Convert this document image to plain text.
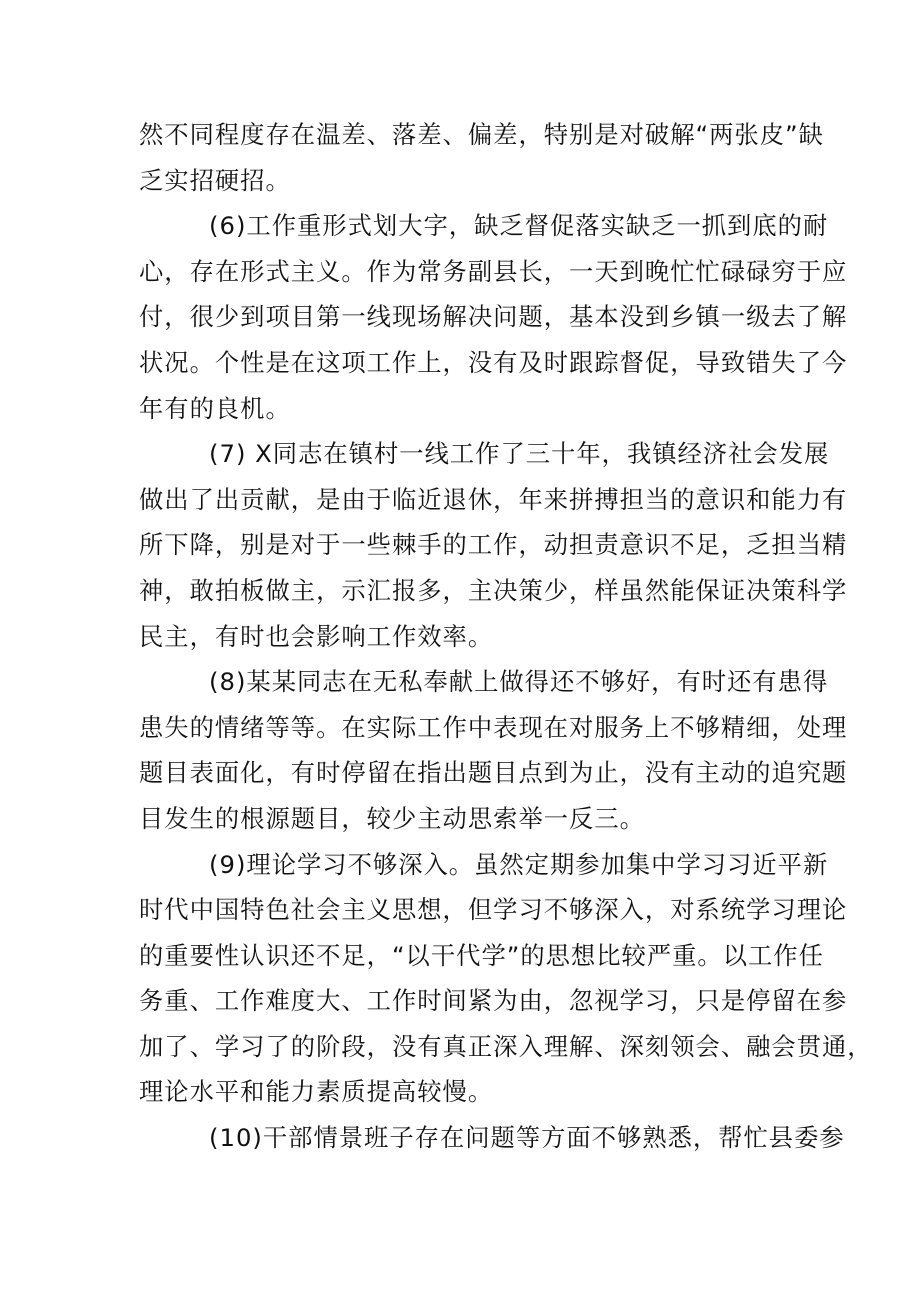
然不同程度存在温差、落差、偏差，特别是对破解“两张皮”缺
乏实招硬招。
(6)工作重形式划大字，缺乏督促落实缺乏一抓到底的耐
心，存在形式主义。作为常务副县长，一天到晚忙忙碌碌穷于应
付，很少到项目第一线现场解决问题，基本没到乡镇一级去了解
状况。个性是在这项工作上，没有及时跟踪督促，导致错失了今
年有的良机。
(7) X同志在镇村一线工作了三十年，我镇经济社会发展
做出了出贡献，是由于临近退休，年来拼搏担当的意识和能力有
所下降，别是对于一些棘手的工作，动担责意识不足，乏担当精
神，敢拍板做主，示汇报多，主决策少，样虽然能保证决策科学
民主，有时也会影响工作效率。
(8)某某同志在无私奉献上做得还不够好，有时还有患得
患失的情绪等等。在实际工作中表现在对服务上不够精细，处理
题目表面化，有时停留在指出题目点到为止，没有主动的追究题
目发生的根源题目，较少主动思索举一反三。
(9)理论学习不够深入。虽然定期参加集中学习习近平新
时代中国特色社会主义思想，但学习不够深入，对系统学习理论
的重要性认识还不足，“以干代学”的思想比较严重。以工作任
务重、工作难度大、工作时间紧为由，忽视学习，只是停留在参
加了、学习了的阶段，没有真正深入理解、深刻领会、融会贯通，
理论水平和能力素质提高较慢。
(10)干部情景班子存在问题等方面不够熟悉，帮忙县委参
